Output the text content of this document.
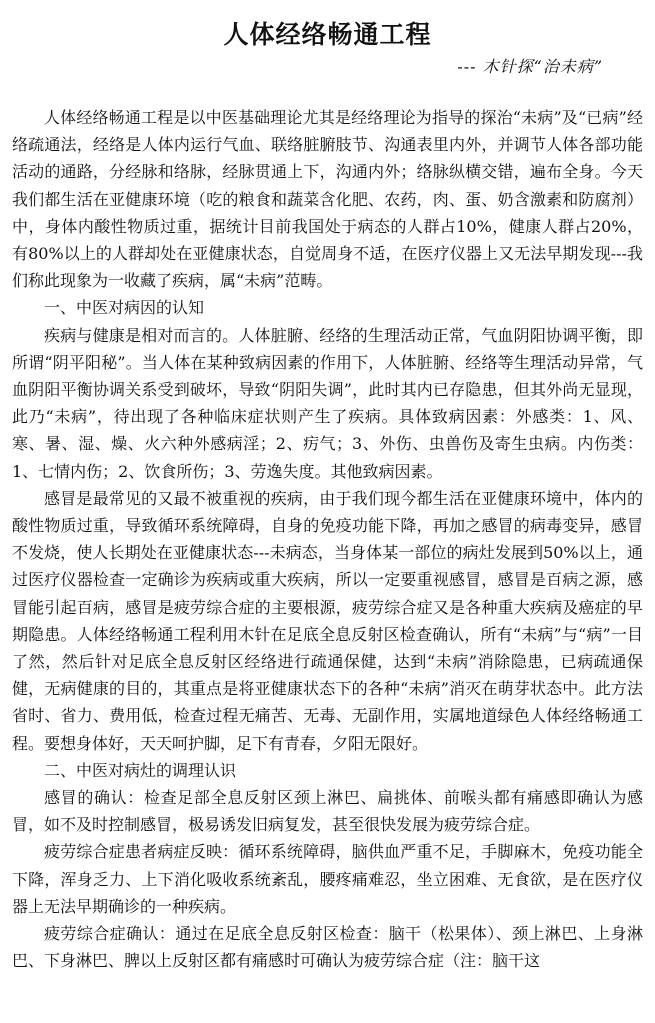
人体经络畅通工程
--- 木针探“治未病”

人体经络畅通工程是以中医基础理论尤其是经络理论为指导的探治“未病”及“已病”经络疏通法，经络是人体内运行气血、联络脏腑肢节、沟通表里内外，并调节人体各部功能活动的通路，分经脉和络脉，经脉贯通上下，沟通内外；络脉纵横交错，遍布全身。今天我们都生活在亚健康环境（吃的粮食和蔬菜含化肥、农药，肉、蛋、奶含激素和防腐剂）中，身体内酸性物质过重，据统计目前我国处于病态的人群占10%，健康人群占20%，有80%以上的人群却处在亚健康状态，自觉周身不适，在医疗仪器上又无法早期发现---我们称此现象为一收藏了疾病，属“未病”范畴。

一、中医对病因的认知

疾病与健康是相对而言的。人体脏腑、经络的生理活动正常，气血阴阳协调平衡，即所谓“阴平阳秘”。当人体在某种致病因素的作用下，人体脏腑、经络等生理活动异常，气血阴阳平衡协调关系受到破坏，导致“阴阳失调”，此时其内已存隐患，但其外尚无显现，此乃“未病”，待出现了各种临床症状则产生了疾病。具体致病因素：外感类：1、风、寒、暑、湿、燥、火六种外感病淫；2、疠气；3、外伤、虫兽伤及寄生虫病。内伤类：1、七情内伤；2、饮食所伤；3、劳逸失度。其他致病因素。

感冒是最常见的又最不被重视的疾病，由于我们现今都生活在亚健康环境中，体内的酸性物质过重，导致循环系统障碍，自身的免疫功能下降，再加之感冒的病毒变异，感冒不发烧，使人长期处在亚健康状态---未病态，当身体某一部位的病灶发展到50%以上，通过医疗仪器检查一定确诊为疾病或重大疾病，所以一定要重视感冒，感冒是百病之源，感冒能引起百病，感冒是疲劳综合症的主要根源，疲劳综合症又是各种重大疾病及癌症的早期隐患。人体经络畅通工程利用木针在足底全息反射区检查确认，所有“未病”与“病”一目了然，然后针对足底全息反射区经络进行疏通保健，达到“未病”消除隐患，已病疏通保健，无病健康的目的，其重点是将亚健康状态下的各种“未病”消灭在萌芽状态中。此方法省时、省力、费用低，检查过程无痛苦、无毒、无副作用，实属地道绿色人体经络畅通工程。要想身体好，天天呵护脚，足下有青春，夕阳无限好。

二、中医对病灶的调理认识

感冒的确认：检查足部全息反射区颈上淋巴、扁挑体、前喉头都有痛感即确认为感冒，如不及时控制感冒，极易诱发旧病复发，甚至很快发展为疲劳综合症。

疲劳综合症患者病症反映：循环系统障碍，脑供血严重不足，手脚麻木，免疫功能全下降，浑身乏力、上下消化吸收系统紊乱，腰疼痛难忍，坐立困难、无食欲，是在医疗仪器上无法早期确诊的一种疾病。

疲劳综合症确认：通过在足底全息反射区检查：脑干（松果体）、颈上淋巴、上身淋巴、下身淋巴、脾以上反射区都有痛感时可确认为疲劳综合症（注：脑干这
